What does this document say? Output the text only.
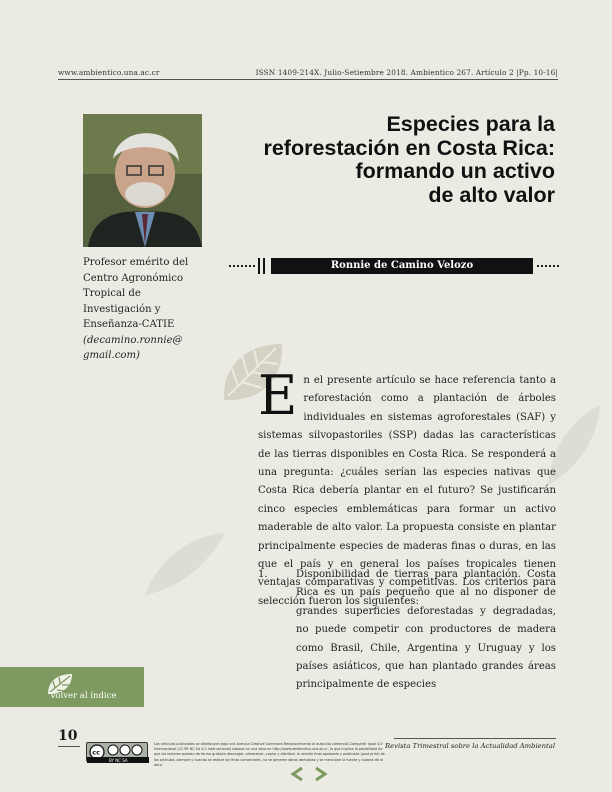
www.ambientico.una.ac.cr	ISSN 1409-214X. Julio-Setiembre 2018. Ambientico 267. Artículo 2 |Pp. 10-16|
Profesor emérito del
Centro Agronómico
Tropical de
Investigación y
Enseñanza-CATIE
(decamino.ronnie@
gmail.com)
Especies para la
reforestación en Costa Rica:
formando un activo
de alto valor
Ronnie de Camino Velozo
En el presente artículo se hace referencia tanto a reforestación como a plantación de árboles individuales en sistemas agroforestales (SAF) y sistemas silvopastoriles (SSP) dadas las características de las tierras disponibles en Costa Rica. Se responderá a una pregunta: ¿cuáles serían las especies nativas que Costa Rica debería plantar en el futuro? Se justificarán cinco especies emblemáticas para formar un activo maderable de alto valor. La propuesta consiste en plantar principalmente especies de maderas finas o duras, en las que el país y en general los países tropicales tienen ventajas comparativas y competitivas. Los criterios para selección fueron los siguientes:
1.	Disponibilidad de tierras para plantación. Costa Rica es un país pequeño que al no disponer de grandes superficies deforestadas y degradadas, no puede competir con productores de madera como Brasil, Chile, Argentina y Uruguay y los países asiáticos, que han plantado grandes áreas principalmente de especies
Volver al índice
10
cc
BY NC SA
Los artículos publicados se distribuyen bajo una licencia Creative Commons Reconocimiento al autor-No comercial-Compartir igual 4.0 Internacional (CC BY NC SA 4.0 Internacional) basada en una obra en http://www.ambientico.una.ac.cr, lo que implica la posibilidad de que los lectores puedan de forma gratuita descargar, almacenar, copiar y distribuir la versión final aprobada y publicada (post print) de los artículos, siempre y cuando se realice sin fines comerciales, no se generen obras derivadas y se mencione la fuente y autoría de la obra.
Revista Trimestral sobre la Actualidad Ambiental
